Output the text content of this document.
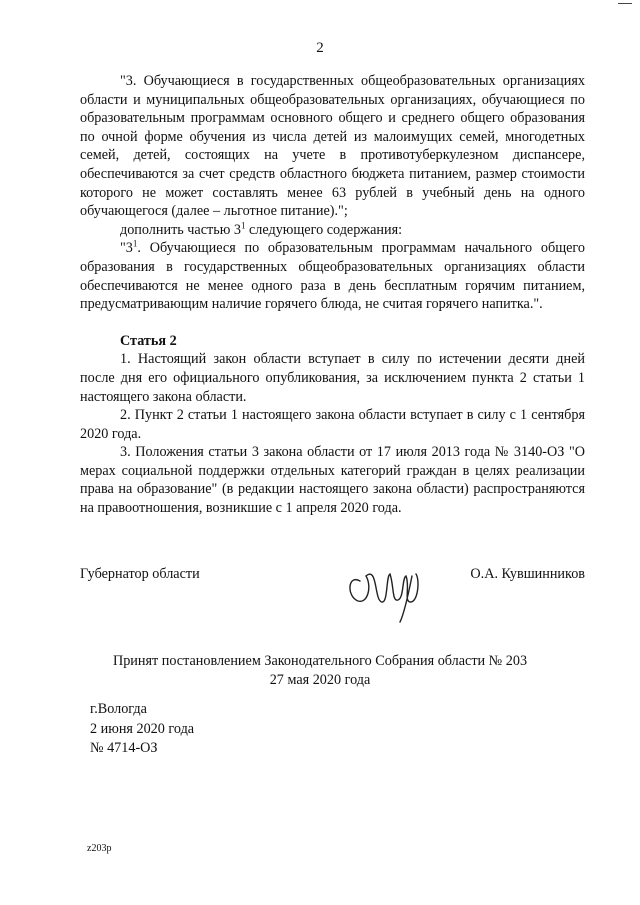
2

"3. Обучающиеся в государственных общеобразовательных организациях области и муниципальных общеобразовательных организациях, обучающиеся по образовательным программам основного общего и среднего общего образования по очной форме обучения из числа детей из малоимущих семей, многодетных семей, детей, состоящих на учете в противотуберкулезном диспансере, обеспечиваются за счет средств областного бюджета питанием, размер стоимости которого не может составлять менее 63 рублей в учебный день на одного обучающегося (далее – льготное питание).";

дополнить частью $3^1$ следующего содержания:

"$3^1$. Обучающиеся по образовательным программам начального общего образования в государственных общеобразовательных организациях области обеспечиваются не менее одного раза в день бесплатным горячим питанием, предусматривающим наличие горячего блюда, не считая горячего напитка.".

Статья 2

1. Настоящий закон области вступает в силу по истечении десяти дней после дня его официального опубликования, за исключением пункта 2 статьи 1 настоящего закона области.

2. Пункт 2 статьи 1 настоящего закона области вступает в силу с 1 сентября 2020 года.

3. Положения статьи 3 закона области от 17 июля 2013 года № 3140-ОЗ "О мерах социальной поддержки отдельных категорий граждан в целях реализации права на образование" (в редакции настоящего закона области) распространяются на правоотношения, возникшие с 1 апреля 2020 года.

Губернатор области	О.А. Кувшинников
Принят постановлением Законодательного Собрания области № 203
27 мая 2020 года
г.Вологда
2 июня 2020 года
№ 4714-ОЗ
z203р
